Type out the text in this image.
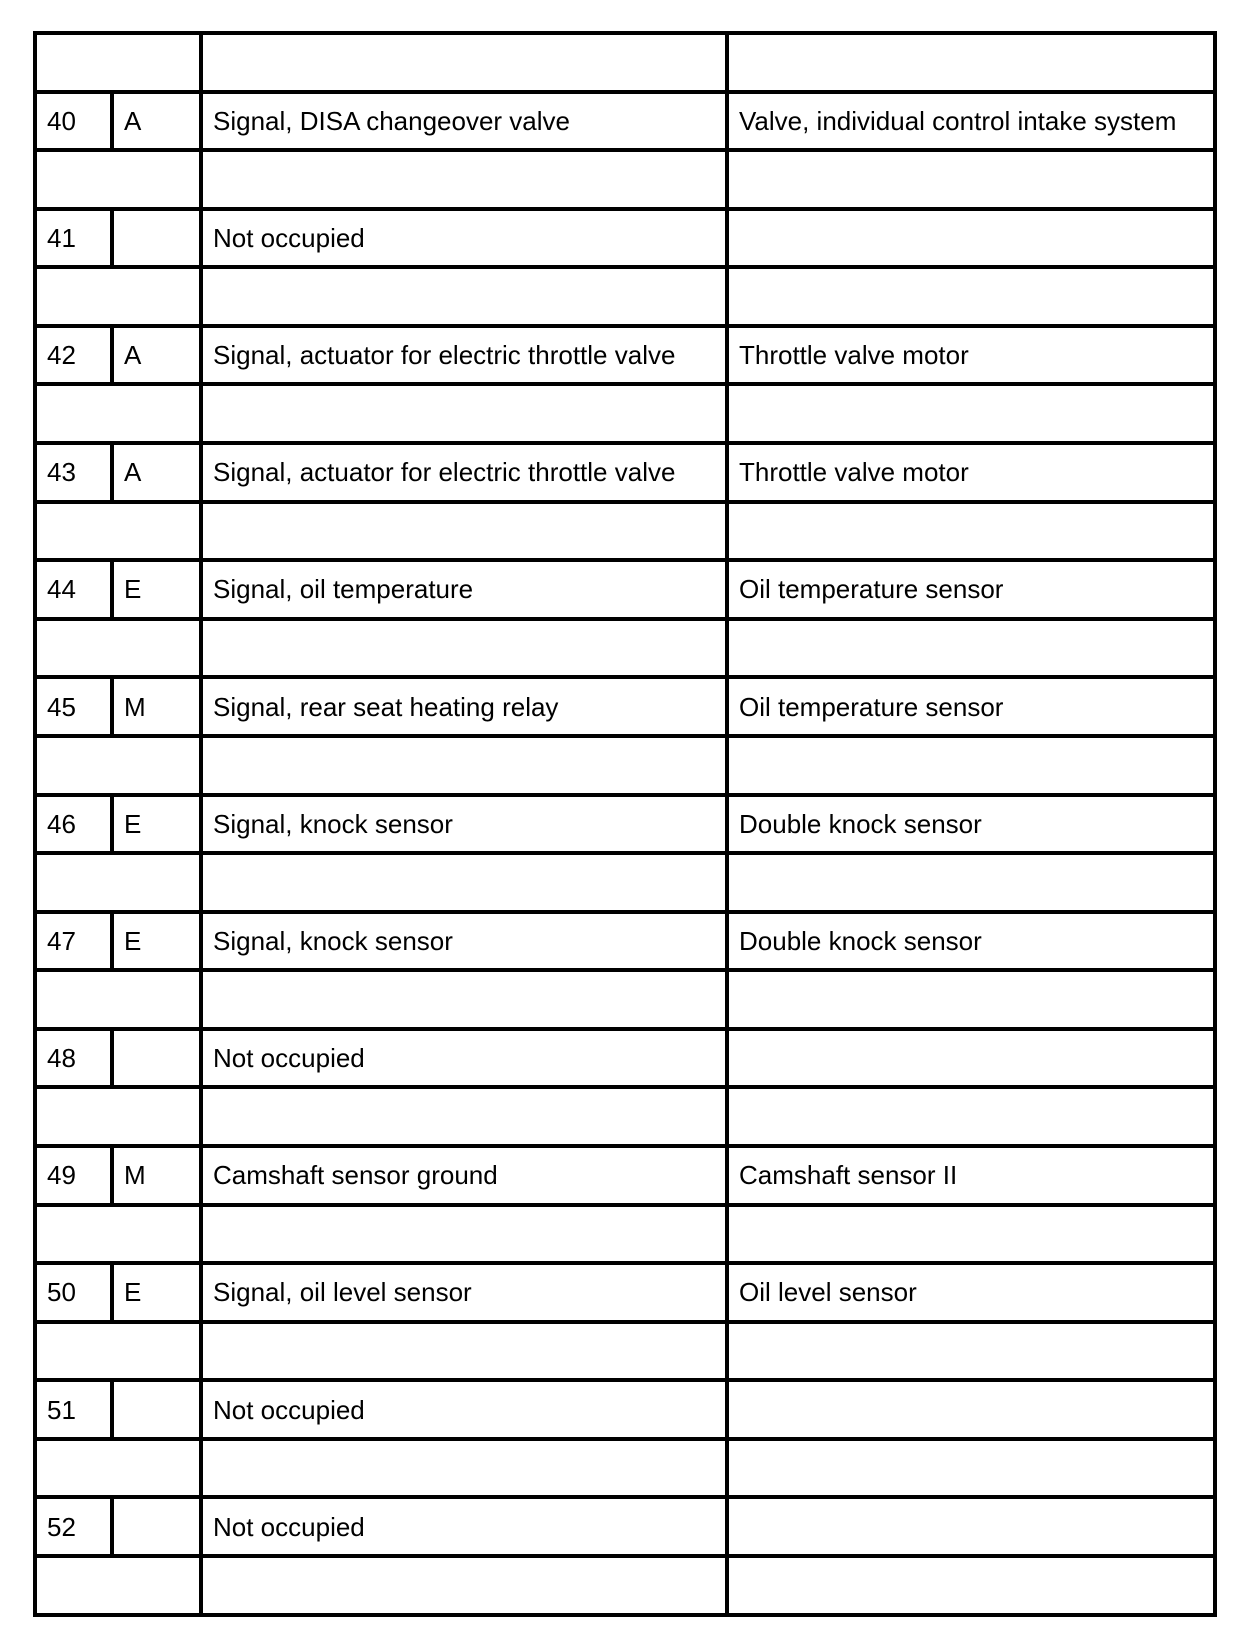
40	A	Signal, DISA changeover valve	Valve, individual control intake system

41		Not occupied	

42	A	Signal, actuator for electric throttle valve	Throttle valve motor

43	A	Signal, actuator for electric throttle valve	Throttle valve motor

44	E	Signal, oil temperature	Oil temperature sensor

45	M	Signal, rear seat heating relay	Oil temperature sensor

46	E	Signal, knock sensor	Double knock sensor

47	E	Signal, knock sensor	Double knock sensor

48		Not occupied	

49	M	Camshaft sensor ground	Camshaft sensor II

50	E	Signal, oil level sensor	Oil level sensor

51		Not occupied	

52		Not occupied	
